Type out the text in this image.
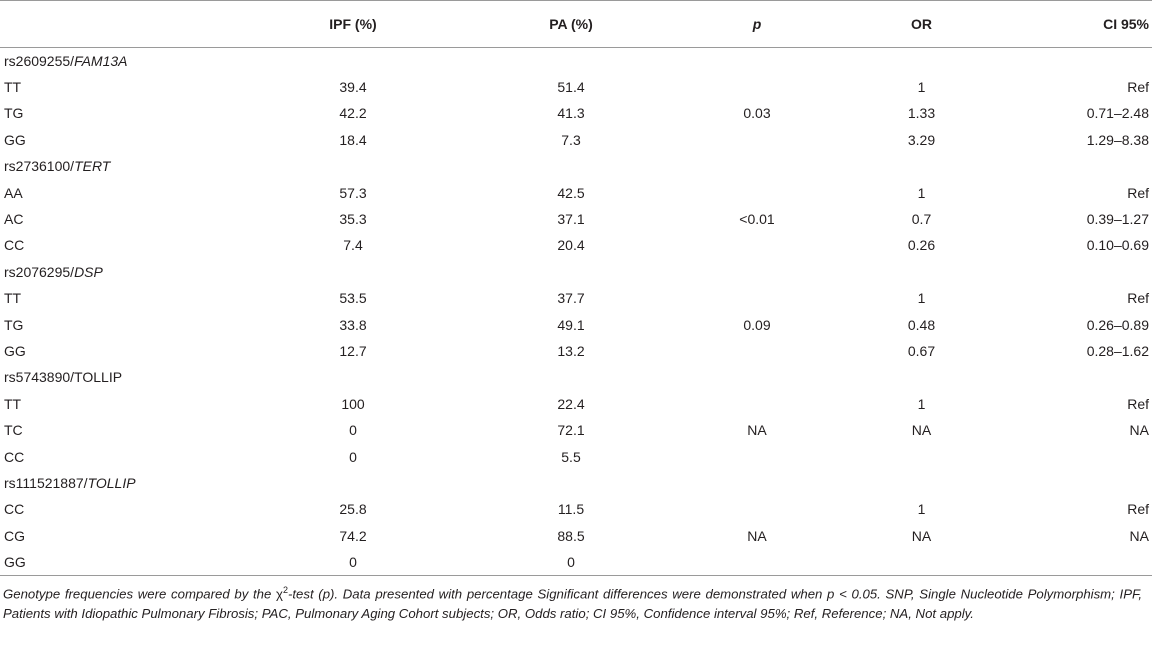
	IPF (%)	PA (%)	p	OR	CI 95%
rs2609255/FAM13A					
TT	39.4	51.4		1	Ref
TG	42.2	41.3	0.03	1.33	0.71–2.48
GG	18.4	7.3		3.29	1.29–8.38
rs2736100/TERT					
AA	57.3	42.5		1	Ref
AC	35.3	37.1	<0.01	0.7	0.39–1.27
CC	7.4	20.4		0.26	0.10–0.69
rs2076295/DSP					
TT	53.5	37.7		1	Ref
TG	33.8	49.1	0.09	0.48	0.26–0.89
GG	12.7	13.2		0.67	0.28–1.62
rs5743890/TOLLIP					
TT	100	22.4		1	Ref
TC	0	72.1	NA	NA	NA
CC	0	5.5			
rs111521887/TOLLIP					
CC	25.8	11.5		1	Ref
CG	74.2	88.5	NA	NA	NA
GG	0	0			
Genotype frequencies were compared by the $\chi^2$-test (p). Data presented with percentage Significant differences were demonstrated when p < 0.05. SNP, Single Nucleotide Polymorphism; IPF, Patients with Idiopathic Pulmonary Fibrosis; PAC, Pulmonary Aging Cohort subjects; OR, Odds ratio; CI 95%, Confidence interval 95%; Ref, Reference; NA, Not apply.
